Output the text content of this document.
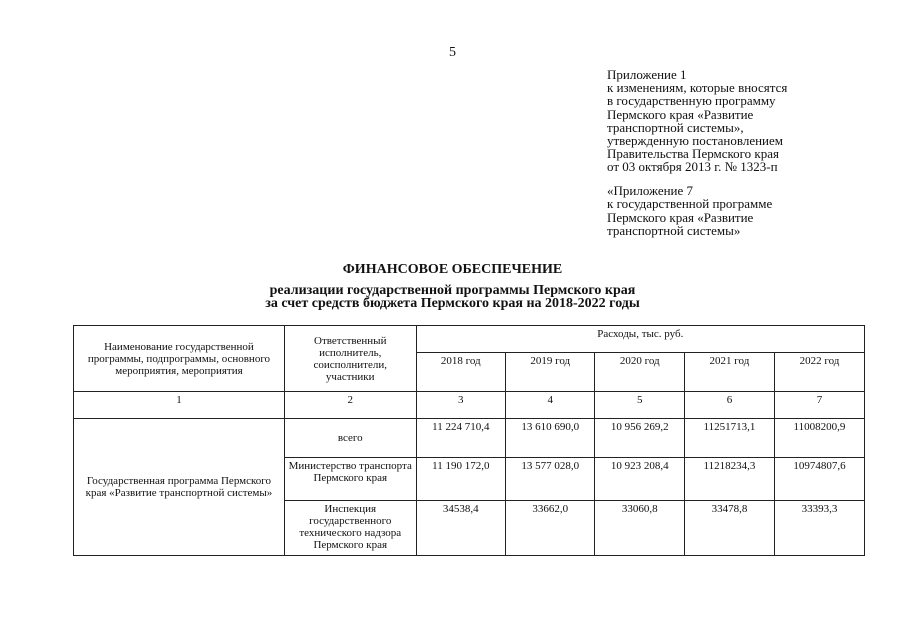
5
Приложение 1
к изменениям, которые вносятся
в государственную программу
Пермского края «Развитие
транспортной системы»,
утвержденную постановлением
Правительства Пермского края
от 03 октября 2013 г. № 1323-п
«Приложение 7
к государственной программе
Пермского края «Развитие
транспортной системы»
ФИНАНСОВОЕ ОБЕСПЕЧЕНИЕ
реализации государственной программы Пермского края
за счет средств бюджета Пермского края на 2018-2022 годы
Наименование государственной программы, подпрограммы, основного мероприятия, мероприятия	Ответственный исполнитель, соисполнители, участники	Расходы, тыс. руб.				
		2018 год	2019 год	2020 год	2021 год	2022 год
1	2	3	4	5	6	7
Государственная программа Пермского края «Развитие транспортной системы»	всего	11 224 710,4	13 610 690,0	10 956 269,2	11251713,1	11008200,9
	Министерство транспорта Пермского края	11 190 172,0	13 577 028,0	10 923 208,4	11218234,3	10974807,6
	Инспекция государственного технического надзора Пермского края	34538,4	33662,0	33060,8	33478,8	33393,3
